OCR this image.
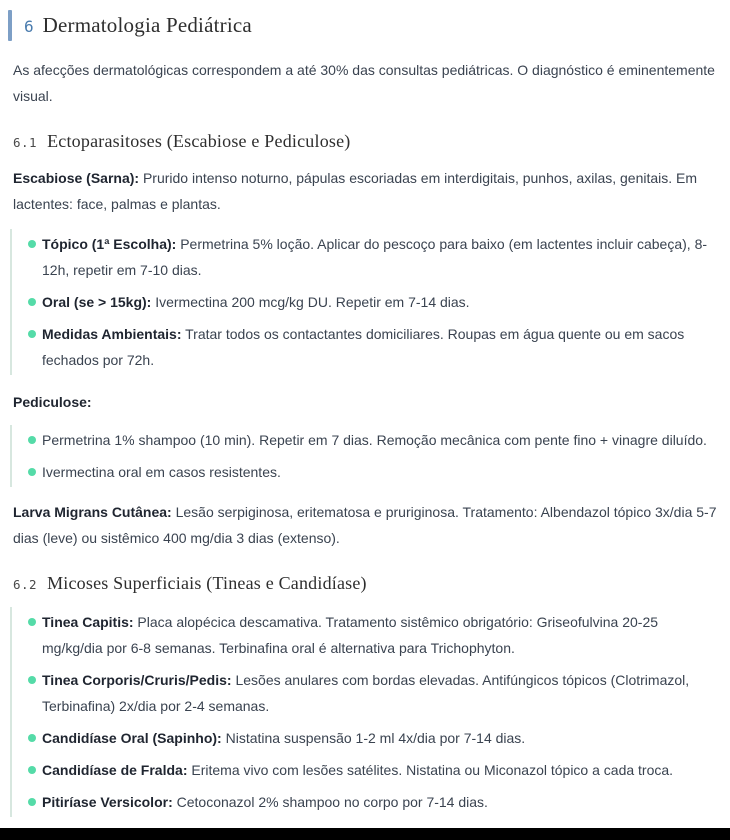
6 Dermatologia Pediátrica

As afecções dermatológicas correspondem a até 30% das consultas pediátricas. O diagnóstico é eminentemente visual.

6.1 Ectoparasitoses (Escabiose e Pediculose)

Escabiose (Sarna): Prurido intenso noturno, pápulas escoriadas em interdigitais, punhos, axilas, genitais. Em lactentes: face, palmas e plantas.

Tópico (1ª Escolha): Permetrina 5% loção. Aplicar do pescoço para baixo (em lactentes incluir cabeça), 8-12h, repetir em 7-10 dias.
Oral (se > 15kg): Ivermectina 200 mcg/kg DU. Repetir em 7-14 dias.
Medidas Ambientais: Tratar todos os contactantes domiciliares. Roupas em água quente ou em sacos fechados por 72h.
Pediculose:
Permetrina 1% shampoo (10 min). Repetir em 7 dias. Remoção mecânica com pente fino + vinagre diluído.
Ivermectina oral em casos resistentes.

Larva Migrans Cutânea: Lesão serpiginosa, eritematosa e pruriginosa. Tratamento: Albendazol tópico 3x/dia 5-7 dias (leve) ou sistêmico 400 mg/dia 3 dias (extenso).

6.2 Micoses Superficiais (Tineas e Candidíase)
Tinea Capitis: Placa alopécica descamativa. Tratamento sistêmico obrigatório: Griseofulvina 20-25 mg/kg/dia por 6-8 semanas. Terbinafina oral é alternativa para Trichophyton.
Tinea Corporis/Cruris/Pedis: Lesões anulares com bordas elevadas. Antifúngicos tópicos (Clotrimazol, Terbinafina) 2x/dia por 2-4 semanas.
Candidíase Oral (Sapinho): Nistatina suspensão 1-2 ml 4x/dia por 7-14 dias.
Candidíase de Fralda: Eritema vivo com lesões satélites. Nistatina ou Miconazol tópico a cada troca.
Pitiríase Versicolor: Cetoconazol 2% shampoo no corpo por 7-14 dias.
